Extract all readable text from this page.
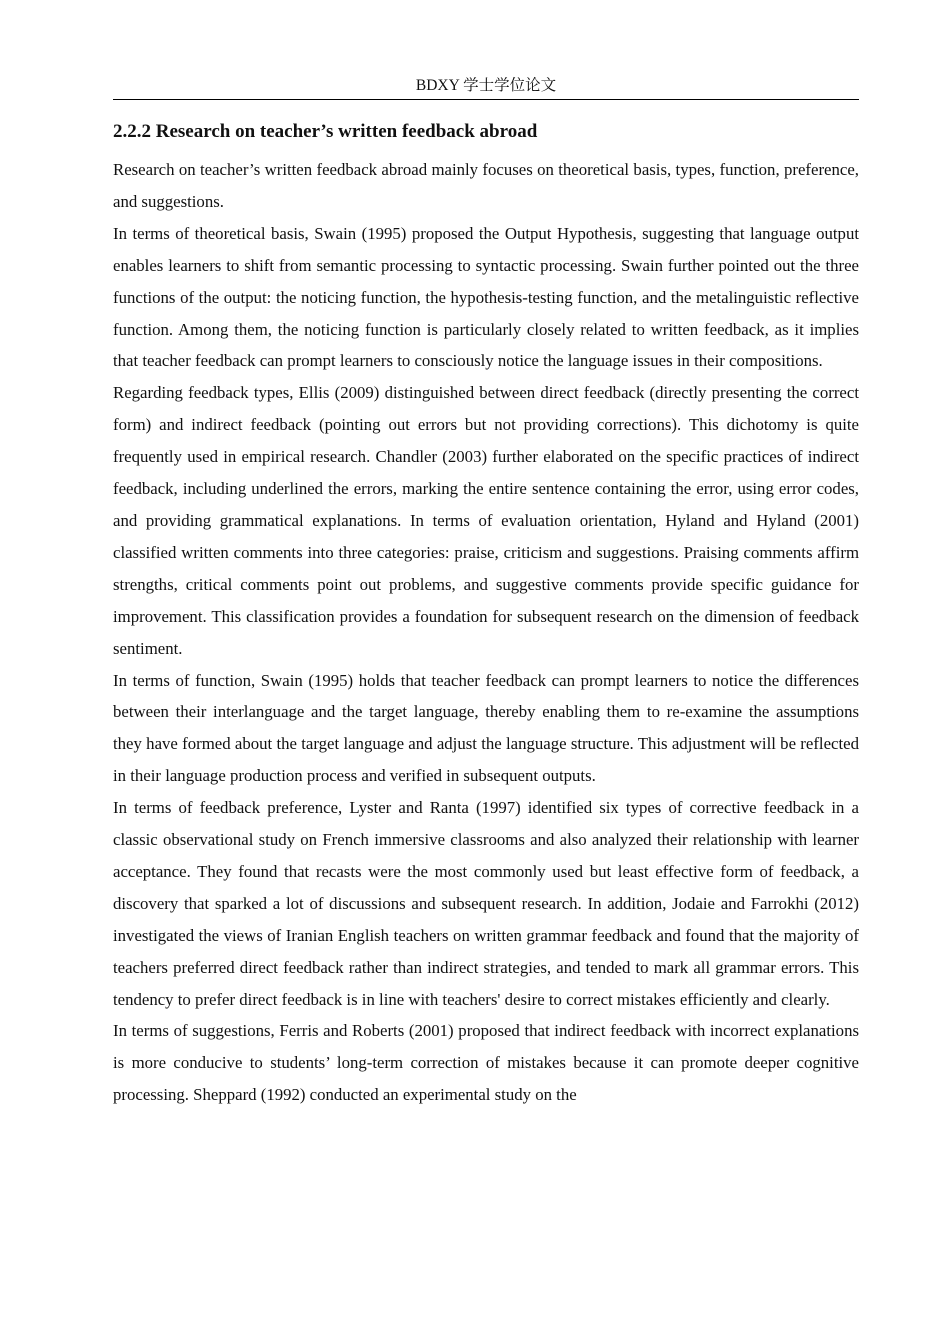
BDXY 学士学位论文
2.2.2 Research on teacher’s written feedback abroad

Research on teacher’s written feedback abroad mainly focuses on theoretical basis, types, function, preference, and suggestions.

In terms of theoretical basis, Swain (1995) proposed the Output Hypothesis, suggesting that language output enables learners to shift from semantic processing to syntactic processing. Swain further pointed out the three functions of the output: the noticing function, the hypothesis-testing function, and the metalinguistic reflective function. Among them, the noticing function is particularly closely related to written feedback, as it implies that teacher feedback can prompt learners to consciously notice the language issues in their compositions.

Regarding feedback types, Ellis (2009) distinguished between direct feedback (directly presenting the correct form) and indirect feedback (pointing out errors but not providing corrections). This dichotomy is quite frequently used in empirical research. Chandler (2003) further elaborated on the specific practices of indirect feedback, including underlined the errors, marking the entire sentence containing the error, using error codes, and providing grammatical explanations. In terms of evaluation orientation, Hyland and Hyland (2001) classified written comments into three categories: praise, criticism and suggestions. Praising comments affirm strengths, critical comments point out problems, and suggestive comments provide specific guidance for improvement. This classification provides a foundation for subsequent research on the dimension of feedback sentiment.

In terms of function, Swain (1995) holds that teacher feedback can prompt learners to notice the differences between their interlanguage and the target language, thereby enabling them to re-examine the assumptions they have formed about the target language and adjust the language structure. This adjustment will be reflected in their language production process and verified in subsequent outputs.

In terms of feedback preference, Lyster and Ranta (1997) identified six types of corrective feedback in a classic observational study on French immersive classrooms and also analyzed their relationship with learner acceptance. They found that recasts were the most commonly used but least effective form of feedback, a discovery that sparked a lot of discussions and subsequent research. In addition, Jodaie and Farrokhi (2012) investigated the views of Iranian English teachers on written grammar feedback and found that the majority of teachers preferred direct feedback rather than indirect strategies, and tended to mark all grammar errors. This tendency to prefer direct feedback is in line with teachers' desire to correct mistakes efficiently and clearly.

In terms of suggestions, Ferris and Roberts (2001) proposed that indirect feedback with incorrect explanations is more conducive to students’ long-term correction of mistakes because it can promote deeper cognitive processing. Sheppard (1992) conducted an experimental study on the
